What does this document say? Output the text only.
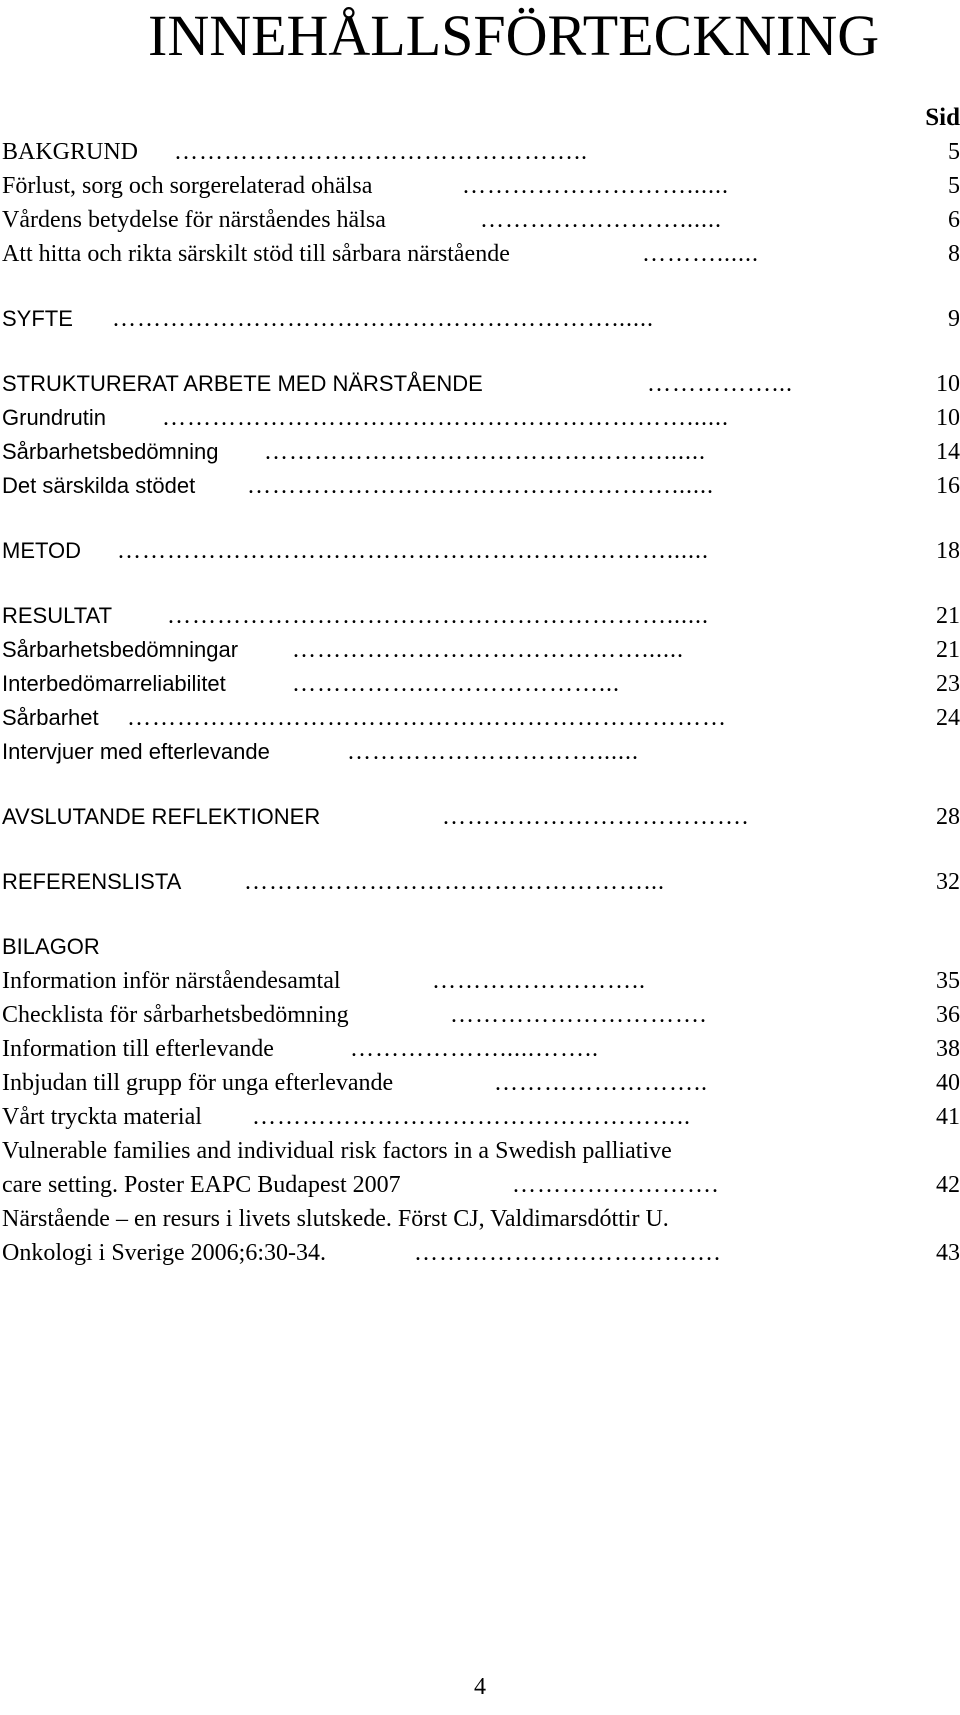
INNEHÅLLSFÖRTECKNING
Sid
BAKGRUND …………………………………………..	5
Förlust, sorg och sorgerelaterad ohälsa	………………………......	5
Vårdens betydelse för närståendes hälsa	……………………......	6
Att hitta och rikta särskilt stöd till sårbara närstående	………......	8
SYFTE ……………………………………………………......	9
STRUKTURERAT ARBETE MED NÄRSTÅENDE	……………...	10
Grundrutin ………………………………………………………......	10
Sårbarhetsbedömning …………………………………………......	14
Det särskilda stödet ……………………………………………......	16
METOD …………………………………………………………......	18
RESULTAT ……………………………………………………......	21
Sårbarhetsbedömningar ……………………………………......	21
Interbedömarreliabilitet	…………….…………………...	23
Sårbarhet ………………………………………………………………	24
Intervjuer med efterlevande	…………………………......
AVSLUTANDE REFLEKTIONER	……………………………….	28
REFERENSLISTA	…………………………………………...	32
BILAGOR
Information inför närståendesamtal	……………………..	35
Checklista för sårbarhetsbedömning	………………………….	36
Information till efterlevande	……………….....……..	38
Inbjudan till grupp för unga efterlevande	……………………..	40
Vårt tryckta material ……………………………………………..	41
Vulnerable families and individual risk factors in a Swedish palliative
care setting. Poster EAPC Budapest 2007	…………………….	42
Närstående – en resurs i livets slutskede. Först CJ, Valdimarsdóttir U.
Onkologi i Sverige 2006;6:30-34.	……………………………….	43
4
